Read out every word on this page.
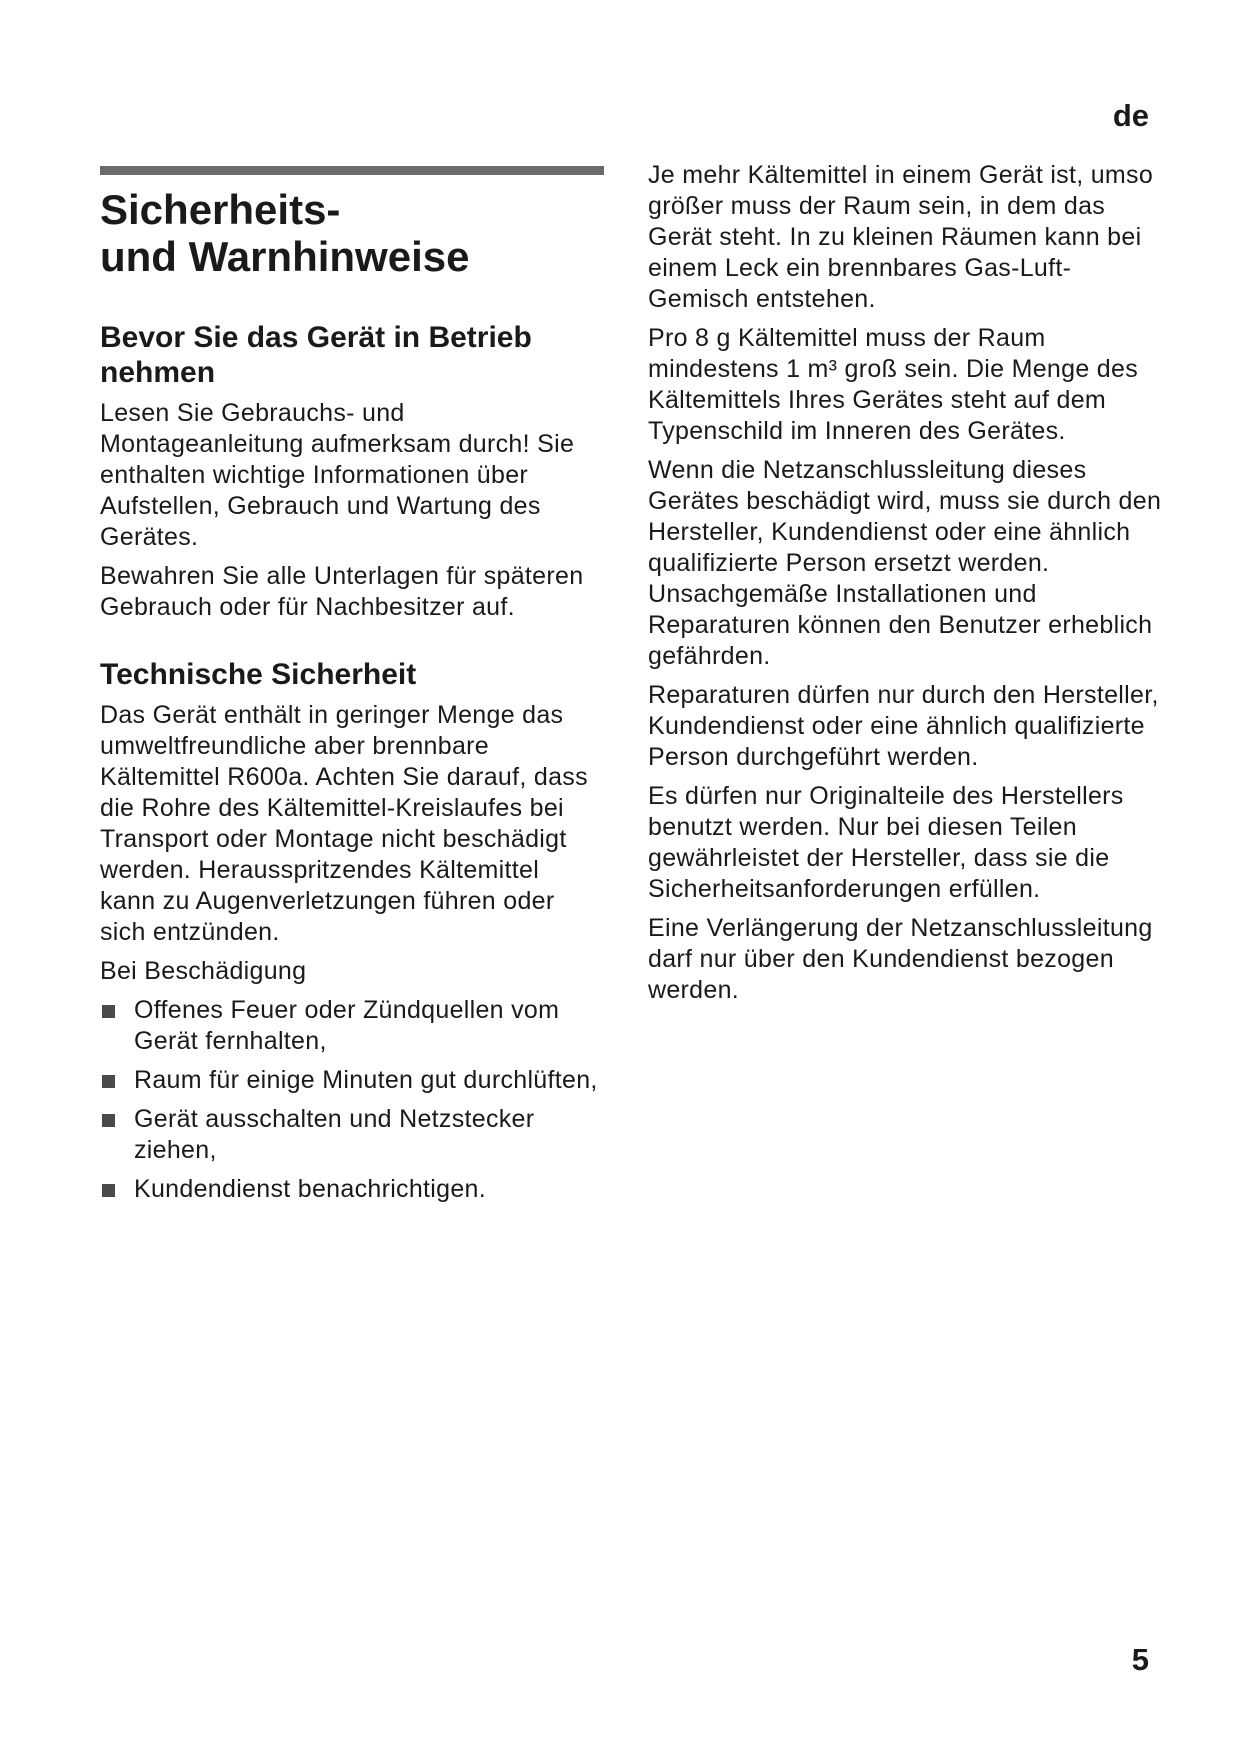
de
Sicherheits-
und Warnhinweise
Bevor Sie das Gerät in Betrieb nehmen

Lesen Sie Gebrauchs- und Montageanleitung aufmerksam durch! Sie enthalten wichtige Informationen über Aufstellen, Gebrauch und Wartung des Gerätes.

Bewahren Sie alle Unterlagen für späteren Gebrauch oder für Nachbesitzer auf.

Technische Sicherheit

Das Gerät enthält in geringer Menge das umweltfreundliche aber brennbare Kältemittel R600a. Achten Sie darauf, dass die Rohre des Kältemittel-Kreislaufes bei Transport oder Montage nicht beschädigt werden. Herausspritzendes Kältemittel kann zu Augenverletzungen führen oder sich entzünden.

Bei Beschädigung

Offenes Feuer oder Zündquellen vom Gerät fernhalten,
Raum für einige Minuten gut durchlüften,
Gerät ausschalten und Netzstecker ziehen,
Kundendienst benachrichtigen.

Je mehr Kältemittel in einem Gerät ist, umso größer muss der Raum sein, in dem das Gerät steht. In zu kleinen Räumen kann bei einem Leck ein brennbares Gas-Luft-Gemisch entstehen.

Pro 8 g Kältemittel muss der Raum mindestens 1 m³ groß sein. Die Menge des Kältemittels Ihres Gerätes steht auf dem Typenschild im Inneren des Gerätes.

Wenn die Netzanschlussleitung dieses Gerätes beschädigt wird, muss sie durch den Hersteller, Kundendienst oder eine ähnlich qualifizierte Person ersetzt werden. Unsachgemäße Installationen und Reparaturen können den Benutzer erheblich gefährden.

Reparaturen dürfen nur durch den Hersteller, Kundendienst oder eine ähnlich qualifizierte Person durchgeführt werden.

Es dürfen nur Originalteile des Herstellers benutzt werden. Nur bei diesen Teilen gewährleistet der Hersteller, dass sie die Sicherheitsanforderungen erfüllen.

Eine Verlängerung der Netzanschlussleitung darf nur über den Kundendienst bezogen werden.

5
